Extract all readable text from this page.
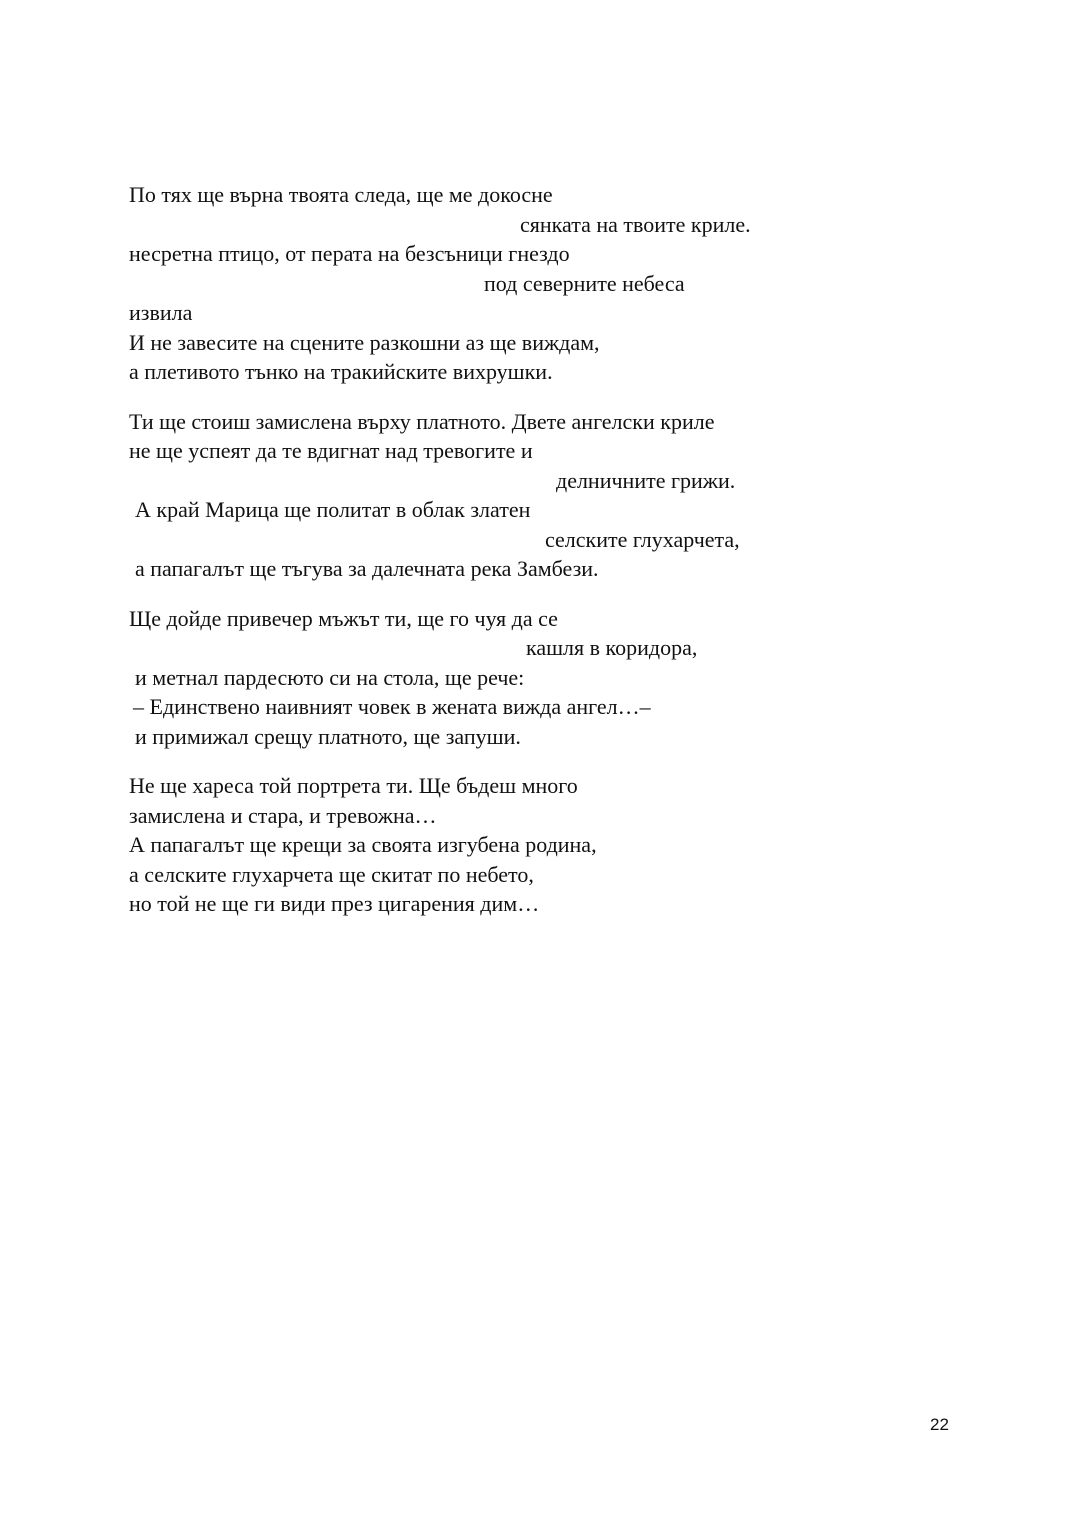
По тях ще върна твоята следа, ще ме докосне
сянката на твоите криле.
несретна птицо, от перата на безсъници гнездо
под северните небеса
извила
И не завесите на сцените разкошни аз ще виждам,
а плетивото тънко на тракийските вихрушки.
Ти ще стоиш замислена върху платното. Двете ангелски криле
не ще успеят да те вдигнат над тревогите и
делничните грижи.
А край Марица ще политат в облак златен
селските глухарчета,
а папагалът ще тъгува за далечната река Замбези.
Ще дойде привечер мъжът ти, ще го чуя да се
кашля в коридора,
и метнал пардесюто си на стола, ще рече:
– Единствено наивният човек в жената вижда ангел…–
и примижал срещу платното, ще запуши.
Не ще хареса той портрета ти. Ще бъдеш много
замислена и стара, и тревожна…
А папагалът ще крещи за своята изгубена родина,
а селските глухарчета ще скитат по небето,
но той не ще ги види през цигарения дим…
22
